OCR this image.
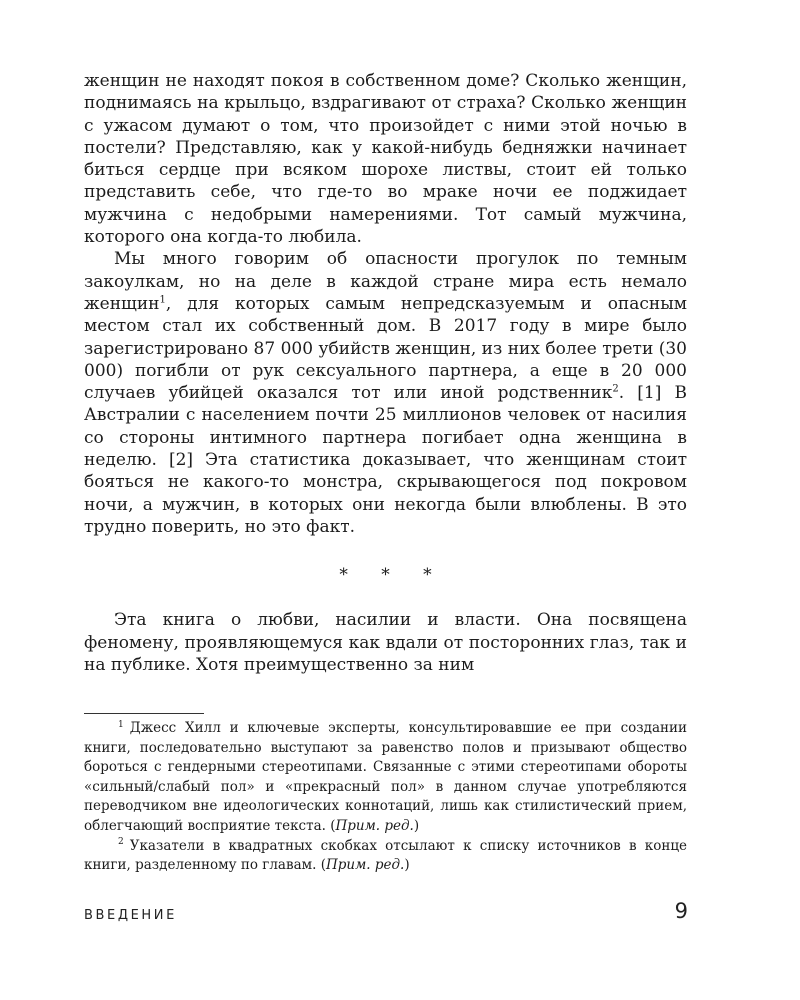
женщин не находят покоя в собственном доме? Сколько женщин, поднимаясь на крыльцо, вздрагивают от страха? Сколько женщин с ужасом думают о том, что произойдет с ними этой ночью в постели? Представляю, как у какой-нибудь бедняжки начинает биться сердце при всяком шорохе листвы, стоит ей только представить себе, что где-то во мраке ночи ее поджидает мужчина с недобрыми намерениями. Тот самый мужчина, которого она когда-то любила.

Мы много говорим об опасности прогулок по темным закоулкам, но на деле в каждой стране мира есть немало женщин$^1$, для которых самым непредсказуемым и опасным местом стал их собственный дом. В 2017 году в мире было зарегистрировано 87 000 убийств женщин, из них более трети (30 000) погибли от рук сексуального партнера, а еще в 20 000 случаев убийцей оказался тот или иной родственник$^2$. [1] В Австралии с населением почти 25 миллионов человек от насилия со стороны интимного партнера погибает одна женщина в неделю. [2] Эта статистика доказывает, что женщинам стоит бояться не какого-то монстра, скрывающегося под покровом ночи, а мужчин, в которых они некогда были влюблены. В это трудно поверить, но это факт.

* * *

Эта книга о любви, насилии и власти. Она посвящена феномену, проявляющемуся как вдали от посторонних глаз, так и на публике. Хотя преимущественно за ним

$^1$ Джесс Хилл и ключевые эксперты, консультировавшие ее при создании книги, последовательно выступают за равенство полов и призывают общество бороться с гендерными стереотипами. Связанные с этими стереотипами обороты «сильный/слабый пол» и «прекрасный пол» в данном случае употребляются переводчиком вне идеологических коннотаций, лишь как стилистический прием, облегчающий восприятие текста. (Прим. ред.)

$^2$ Указатели в квадратных скобках отсылают к списку источников в конце книги, разделенному по главам. (Прим. ред.)

ВВЕДЕНИЕ	9
